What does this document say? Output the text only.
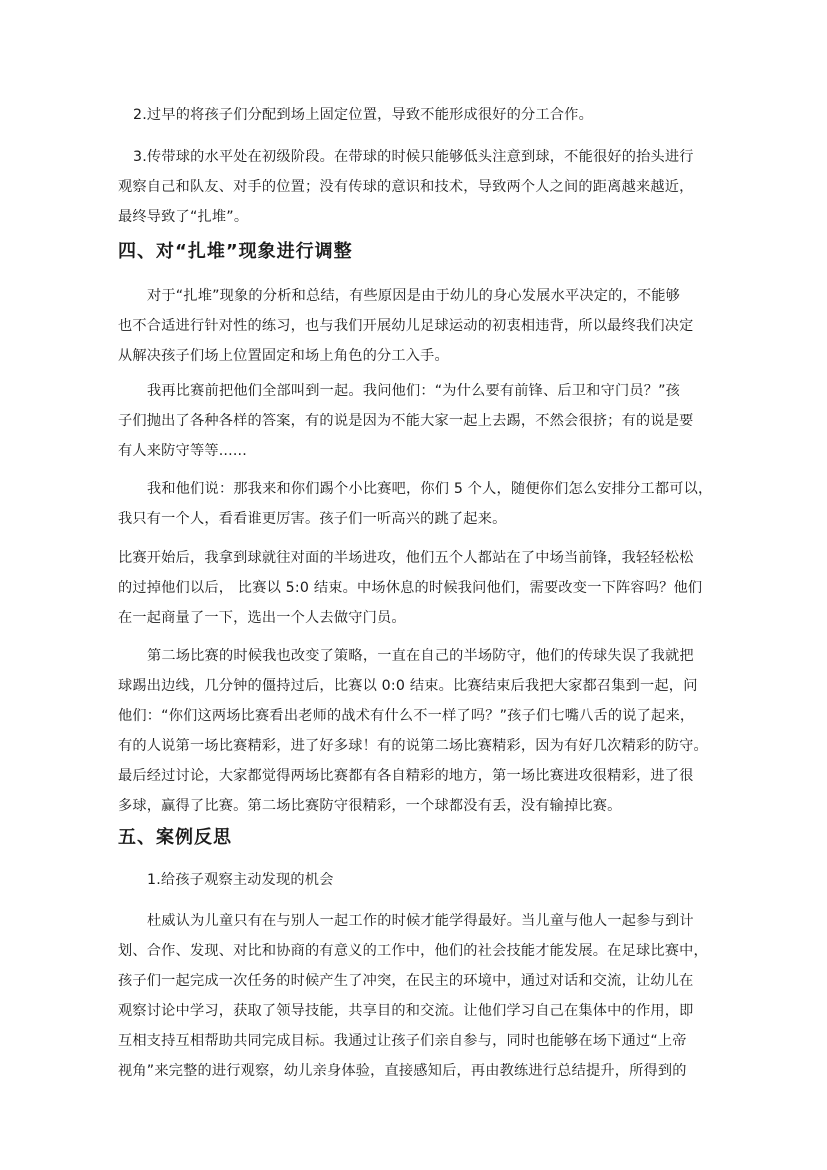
2.过早的将孩子们分配到场上固定位置，导致不能形成很好的分工合作。
3.传带球的水平处在初级阶段。在带球的时候只能够低头注意到球，不能很好的抬头进行
观察自己和队友、对手的位置；没有传球的意识和技术，导致两个人之间的距离越来越近，
最终导致了“扎堆”。
四、对“扎堆”现象进行调整
对于“扎堆”现象的分析和总结，有些原因是由于幼儿的身心发展水平决定的，不能够
也不合适进行针对性的练习，也与我们开展幼儿足球运动的初衷相违背，所以最终我们决定
从解决孩子们场上位置固定和场上角色的分工入手。
我再比赛前把他们全部叫到一起。我问他们：“为什么要有前锋、后卫和守门员？”孩
子们抛出了各种各样的答案，有的说是因为不能大家一起上去踢，不然会很挤；有的说是要
有人来防守等等......
我和他们说：那我来和你们踢个小比赛吧，你们 5 个人，随便你们怎么安排分工都可以，
我只有一个人，看看谁更厉害。孩子们一听高兴的跳了起来。
比赛开始后，我拿到球就往对面的半场进攻，他们五个人都站在了中场当前锋，我轻轻松松
的过掉他们以后， 比赛以 5:0 结束。中场休息的时候我问他们，需要改变一下阵容吗？他们
在一起商量了一下，选出一个人去做守门员。
第二场比赛的时候我也改变了策略，一直在自己的半场防守，他们的传球失误了我就把
球踢出边线，几分钟的僵持过后，比赛以 0:0 结束。比赛结束后我把大家都召集到一起，问
他们：“你们这两场比赛看出老师的战术有什么不一样了吗？”孩子们七嘴八舌的说了起来，
有的人说第一场比赛精彩，进了好多球！有的说第二场比赛精彩，因为有好几次精彩的防守。
最后经过讨论，大家都觉得两场比赛都有各自精彩的地方，第一场比赛进攻很精彩，进了很
多球，赢得了比赛。第二场比赛防守很精彩，一个球都没有丢，没有输掉比赛。
五、案例反思
1.给孩子观察主动发现的机会
杜威认为儿童只有在与别人一起工作的时候才能学得最好。当儿童与他人一起参与到计
划、合作、发现、对比和协商的有意义的工作中，他们的社会技能才能发展。在足球比赛中，
孩子们一起完成一次任务的时候产生了冲突，在民主的环境中，通过对话和交流，让幼儿在
观察讨论中学习，获取了领导技能，共享目的和交流。让他们学习自己在集体中的作用，即
互相支持互相帮助共同完成目标。我通过让孩子们亲自参与，同时也能够在场下通过“上帝
视角”来完整的进行观察，幼儿亲身体验，直接感知后，再由教练进行总结提升，所得到的
